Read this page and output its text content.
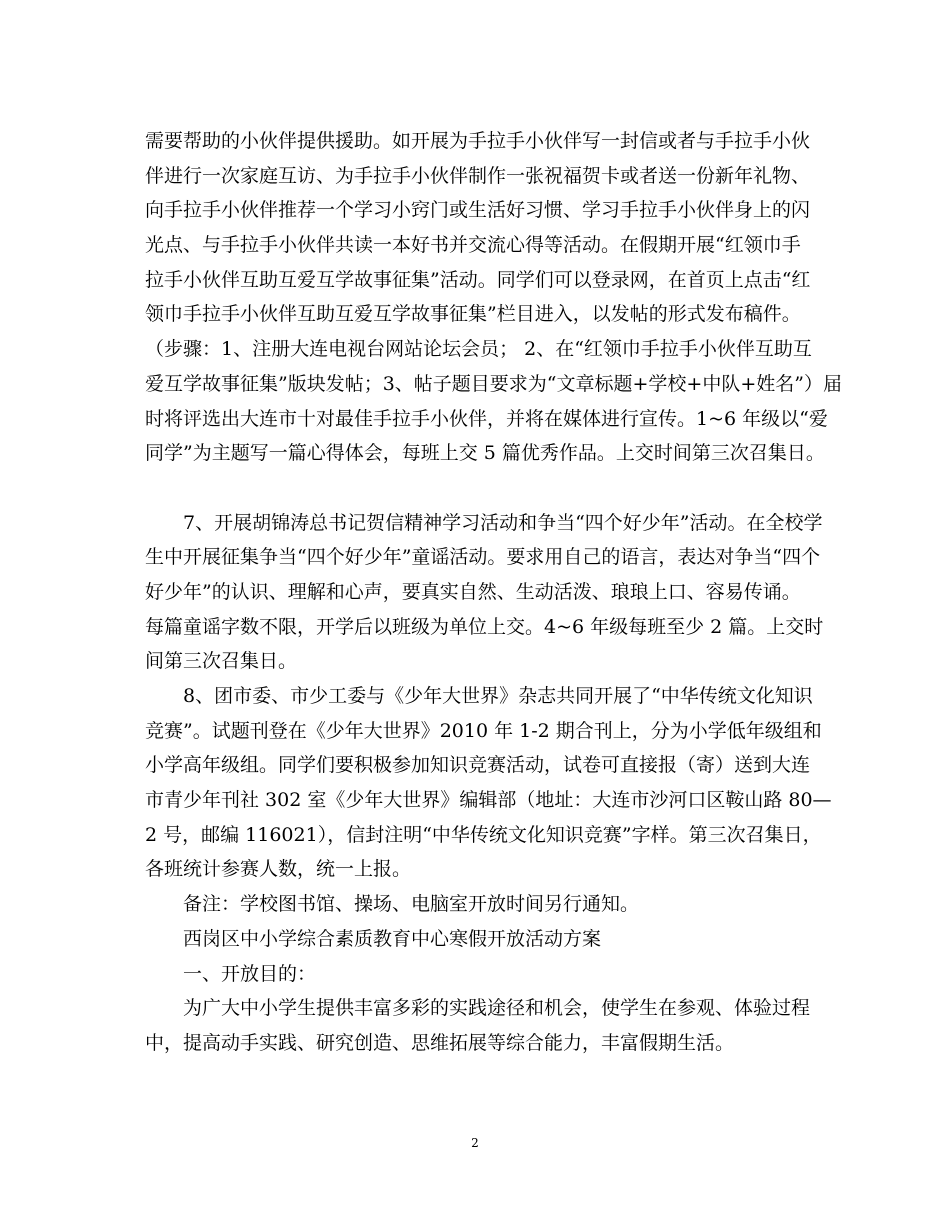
需要帮助的小伙伴提供援助。如开展为手拉手小伙伴写一封信或者与手拉手小伙
伴进行一次家庭互访、为手拉手小伙伴制作一张祝福贺卡或者送一份新年礼物、
向手拉手小伙伴推荐一个学习小窍门或生活好习惯、学习手拉手小伙伴身上的闪
光点、与手拉手小伙伴共读一本好书并交流心得等活动。在假期开展“红领巾手
拉手小伙伴互助互爱互学故事征集”活动。同学们可以登录网，在首页上点击“红
领巾手拉手小伙伴互助互爱互学故事征集”栏目进入，以发帖的形式发布稿件。
（步骤：1、注册大连电视台网站论坛会员； 2、在“红领巾手拉手小伙伴互助互
爱互学故事征集”版块发帖；3、帖子题目要求为“文章标题+学校+中队+姓名”）届
时将评选出大连市十对最佳手拉手小伙伴，并将在媒体进行宣传。1~6 年级以“爱
同学”为主题写一篇心得体会，每班上交 5 篇优秀作品。上交时间第三次召集日。
7、开展胡锦涛总书记贺信精神学习活动和争当“四个好少年”活动。在全校学
生中开展征集争当“四个好少年”童谣活动。要求用自己的语言，表达对争当“四个
好少年”的认识、理解和心声，要真实自然、生动活泼、琅琅上口、容易传诵。
每篇童谣字数不限，开学后以班级为单位上交。4~6 年级每班至少 2 篇。上交时
间第三次召集日。
8、团市委、市少工委与《少年大世界》杂志共同开展了“中华传统文化知识
竞赛”。试题刊登在《少年大世界》2010 年 1-2 期合刊上，分为小学低年级组和
小学高年级组。同学们要积极参加知识竞赛活动，试卷可直接报（寄）送到大连
市青少年刊社 302 室《少年大世界》编辑部（地址：大连市沙河口区鞍山路 80—
2 号，邮编 116021），信封注明“中华传统文化知识竞赛”字样。第三次召集日，
各班统计参赛人数，统一上报。
备注：学校图书馆、操场、电脑室开放时间另行通知。
西岗区中小学综合素质教育中心寒假开放活动方案
一、开放目的：
为广大中小学生提供丰富多彩的实践途径和机会，使学生在参观、体验过程
中，提高动手实践、研究创造、思维拓展等综合能力，丰富假期生活。
2
